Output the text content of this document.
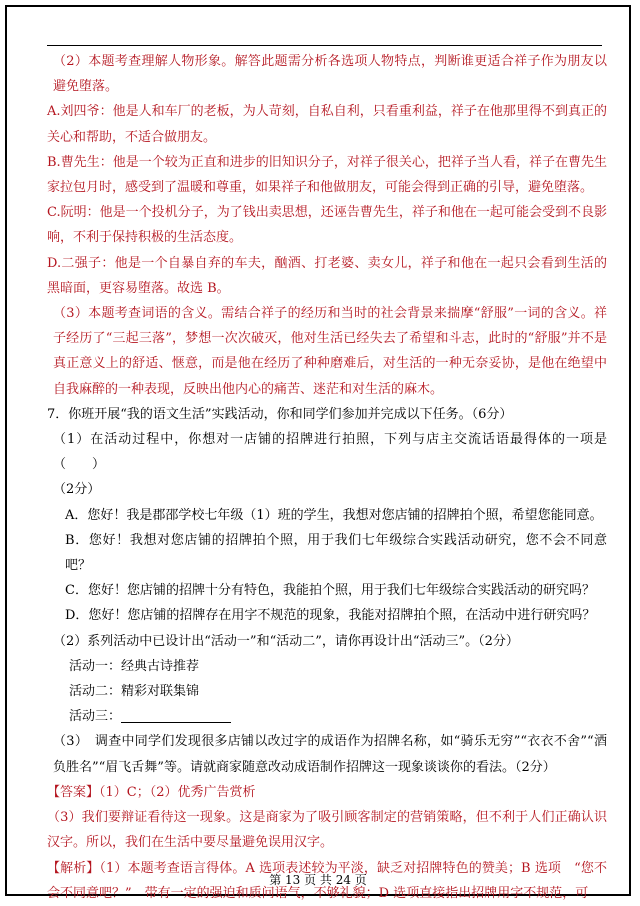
（2）本题考查理解人物形象。解答此题需分析各选项人物特点，判断谁更适合祥子作为朋友以避免堕落。

A.刘四爷：他是人和车厂的老板，为人苛刻，自私自利，只看重利益，祥子在他那里得不到真正的关心和帮助，不适合做朋友。

B.曹先生：他是一个较为正直和进步的旧知识分子，对祥子很关心，把祥子当人看，祥子在曹先生家拉包月时，感受到了温暖和尊重，如果祥子和他做朋友，可能会得到正确的引导，避免堕落。

C.阮明：他是一个投机分子，为了钱出卖思想，还诬告曹先生，祥子和他在一起可能会受到不良影响，不利于保持积极的生活态度。

D.二强子：他是一个自暴自弃的车夫，酗酒、打老婆、卖女儿，祥子和他在一起只会看到生活的黑暗面，更容易堕落。故选 B。

（3）本题考查词语的含义。需结合祥子的经历和当时的社会背景来揣摩“舒服”一词的含义。祥子经历了“三起三落”，梦想一次次破灭，他对生活已经失去了希望和斗志，此时的“舒服”并不是真正意义上的舒适、惬意，而是他在经历了种种磨难后，对生活的一种无奈妥协，是他在绝望中自我麻醉的一种表现，反映出他内心的痛苦、迷茫和对生活的麻木。

7．你班开展“我的语文生活”实践活动，你和同学们参加并完成以下任务。（6分）

（1）在活动过程中，你想对一店铺的招牌进行拍照，下列与店主交流话语最得体的一项是（　　）

（2分）

A．您好！我是郡邵学校七年级（1）班的学生，我想对您店铺的招牌拍个照，希望您能同意。

B．您好！我想对您店铺的招牌拍个照，用于我们七年级综合实践活动研究，您不会不同意吧？

C．您好！您店铺的招牌十分有特色，我能拍个照，用于我们七年级综合实践活动的研究吗？

D．您好！您店铺的招牌存在用字不规范的现象，我能对招牌拍个照，在活动中进行研究吗？

（2）系列活动中已设计出“活动一”和“活动二”，请你再设计出“活动三”。（2分）

活动一：经典古诗推荐

活动二：精彩对联集锦

活动三：

（3）　调查中同学们发现很多店铺以改过字的成语作为招牌名称，如“骑乐无穷”“衣衣不舍”“酒负胜名”“眉飞舌舞”等。请就商家随意改动成语制作招牌这一现象谈谈你的看法。（2分）

【答案】（1）C；（2）优秀广告赏析

（3）我们要辩证看待这一现象。这是商家为了吸引顾客制定的营销策略，但不利于人们正确认识汉字。所以，我们在生活中要尽量避免误用汉字。

【解析】（1）本题考查语言得体。A 选项表述较为平淡，缺乏对招牌特色的赞美；B 选项　“您不会不同意吧？”　带有一定的强迫和质问语气，不够礼貌；D 选项直接指出招牌用字不规范，可

第 13 页 共 24 页
